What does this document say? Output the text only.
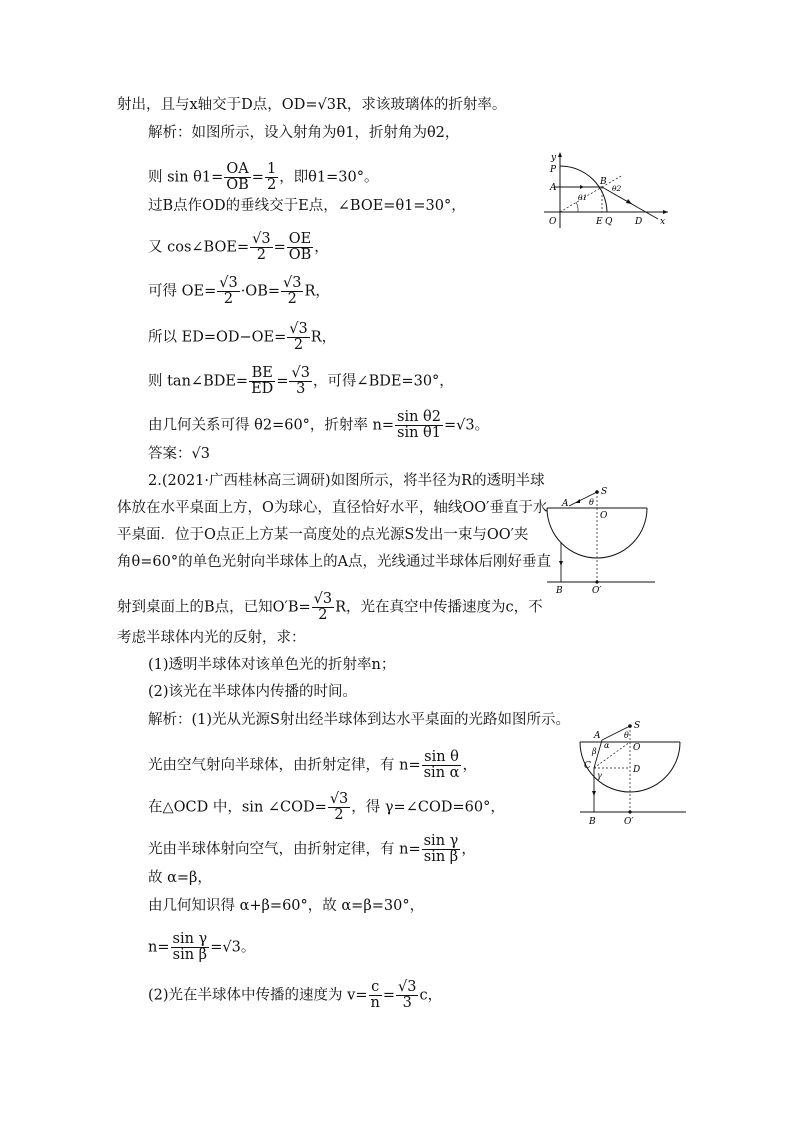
射出，且与x轴交于D点，OD=√3R，求该玻璃体的折射率。
解析：如图所示，设入射角为θ1，折射角为θ2，
则 $\sin \theta 1= \frac{OA}{OB} = \frac{1}{2}$ ，即θ1=30°。
过B点作OD的垂线交于E点，∠BOE=θ1=30°，
又 cos∠BOE= $\frac{√3}{2} = \frac{OE}{OB}$ ，
可得 $OE= \frac{√3}{2} \cdot OB= \frac{√3}{2}$ R，
所以 $ED=OD-OE= \frac{√3}{2}$ R，
则 tan∠BDE= $\frac{BE}{ED} = \frac{√3}{3}$ ，可得∠BDE=30°，
由几何关系可得 θ2=60°，折射率 $n= \frac{\text{sin θ2}}{\text{sin θ1}} =√3$。
答案：√3
y
P
A
B
O	E Q	D x
θ1
θ2
2.(2021·广西桂林高三调研)如图所示，将半径为R的透明半球
体放在水平桌面上方，O为球心，直径恰好水平，轴线OO′垂直于水
平桌面．位于O点正上方某一高度处的点光源S发出一束与OO′夹
角θ=60°的单色光射向半球体上的A点，光线通过半球体后刚好垂直
射到桌面上的B点，已知$O'B= \frac{√3}{2}$ R，光在真空中传播速度为c，不
考虑半球体内光的反射，求：
(1)透明半球体对该单色光的折射率n；
(2)该光在半球体内传播的时间。
解析：(1)光从光源S射出经半球体到达水平桌面的光路如图所示。
光由空气射向半球体，由折射定律，有 $n= \frac{\text{sin θ}}{\text{sin α}}$ ，
在△OCD 中，sin ∠COD= $\frac{√3}{2}$ ，得 γ=∠COD=60°，
光由半球体射向空气，由折射定律，有 $n= \frac{\text{sin γ}}{\text{sin β}}$ ，
故 α=β，
由几何知识得 α+β=60°，故 α=β=30°，
$n= \frac{\text{sin γ}}{\text{sin β}} =√3$。
(2)光在半球体中传播的速度为 $v= \frac{c}{n} = \frac{√3}{3}$ c，
A
S
θ
O
B	O′
A
S
θ
O
β
α
C
γ
D
B	O′
